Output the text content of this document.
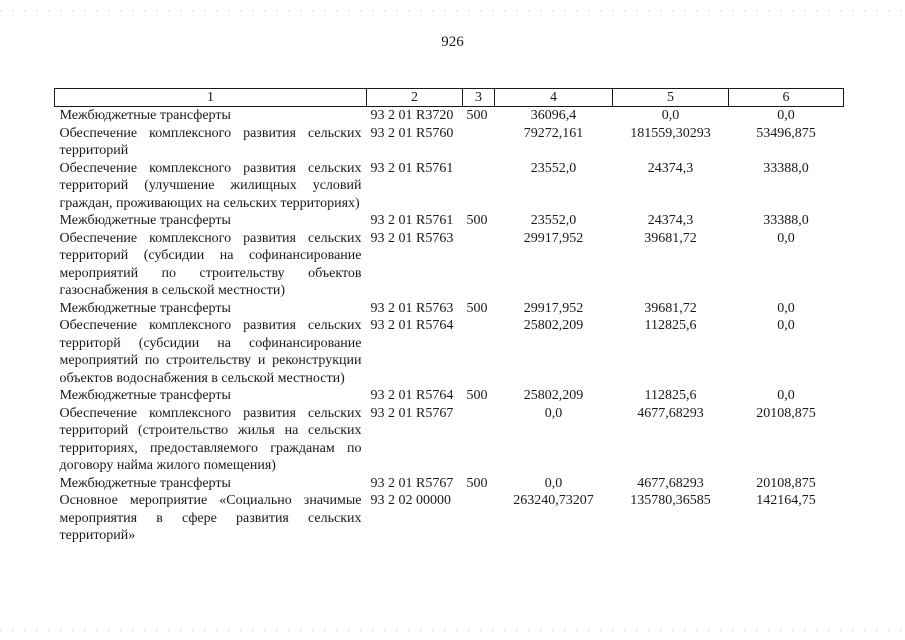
926
1	2	3	4	5	6
Межбюджетные трансферты	93 2 01 R3720	500	36096,4	0,0	0,0
Обеспечение комплексного развития сельских территорий	93 2 01 R5760		79272,161	181559,30293	53496,875
Обеспечение комплексного развития сельских территорий (улучшение жилищных условий граждан, проживающих на сельских территориях)	93 2 01 R5761		23552,0	24374,3	33388,0
Межбюджетные трансферты	93 2 01 R5761	500	23552,0	24374,3	33388,0
Обеспечение комплексного развития сельских территорий (субсидии на софинансирование мероприятий по строительству объектов газоснабжения в сельской местности)	93 2 01 R5763		29917,952	39681,72	0,0
Межбюджетные трансферты	93 2 01 R5763	500	29917,952	39681,72	0,0
Обеспечение комплексного развития сельских территорй (субсидии на софинансирование мероприятий по строительству и реконструкции объектов водоснабжения в сельской местности)	93 2 01 R5764		25802,209	112825,6	0,0
Межбюджетные трансферты	93 2 01 R5764	500	25802,209	112825,6	0,0
Обеспечение комплексного развития сельских территорий (строительство жилья на сельских территориях, предоставляемого гражданам по договору найма жилого помещения)	93 2 01 R5767		0,0	4677,68293	20108,875
Межбюджетные трансферты	93 2 01 R5767	500	0,0	4677,68293	20108,875
Основное мероприятие «Социально значимые мероприятия в сфере развития сельских территорий»	93 2 02 00000		263240,73207	135780,36585	142164,75
